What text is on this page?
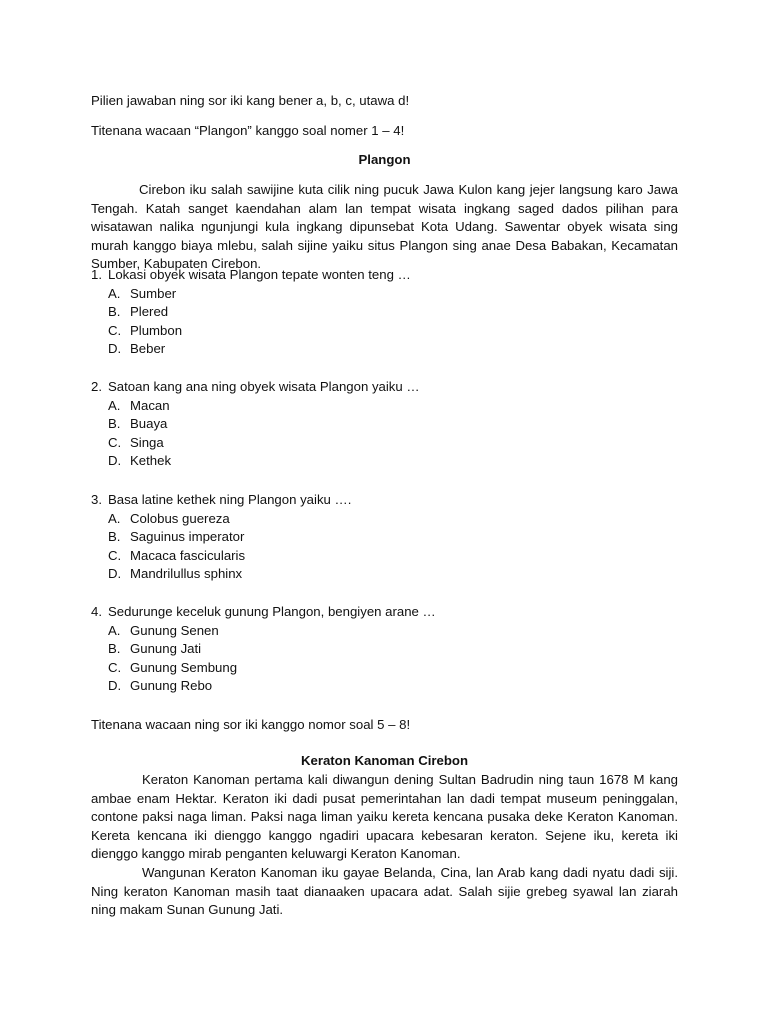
Pilien jawaban ning sor iki kang bener a, b, c, utawa d!

Titenana wacaan “Plangon” kanggo soal nomer 1 – 4!

Plangon

Cirebon iku salah sawijine kuta cilik ning pucuk Jawa Kulon kang jejer langsung karo Jawa Tengah. Katah sanget kaendahan alam lan tempat wisata ingkang saged dados pilihan para wisatawan nalika ngunjungi kula ingkang dipunsebat Kota Udang. Sawentar obyek wisata sing murah kanggo biaya mlebu, salah sijine yaiku situs Plangon sing anae Desa Babakan, Kecamatan Sumber, Kabupaten Cirebon.

1. Lokasi obyek wisata Plangon tepate wonten teng …
A. Sumber
B. Plered
C. Plumbon
D. Beber
2. Satoan kang ana ning obyek wisata Plangon yaiku …
A. Macan
B. Buaya
C. Singa
D. Kethek
3. Basa latine kethek ning Plangon yaiku ….
A. Colobus guereza
B. Saguinus imperator
C. Macaca fascicularis
D. Mandrilullus sphinx
4. Sedurunge keceluk gunung Plangon, bengiyen arane …
A. Gunung Senen
B. Gunung Jati
C. Gunung Sembung
D. Gunung Rebo

Titenana wacaan ning sor iki kanggo nomor soal 5 – 8!

Keraton Kanoman Cirebon

Keraton Kanoman pertama kali diwangun dening Sultan Badrudin ning taun 1678 M kang ambae enam Hektar. Keraton iki dadi pusat pemerintahan lan dadi tempat museum peninggalan, contone paksi naga liman. Paksi naga liman yaiku kereta kencana pusaka deke Keraton Kanoman. Kereta kencana iki dienggo kanggo ngadiri upacara kebesaran keraton. Sejene iku, kereta iki dienggo kanggo mirab penganten keluwargi Keraton Kanoman.

Wangunan Keraton Kanoman iku gayae Belanda, Cina, lan Arab kang dadi nyatu dadi siji. Ning keraton Kanoman masih taat dianaaken upacara adat. Salah sijie grebeg syawal lan ziarah ning makam Sunan Gunung Jati.
